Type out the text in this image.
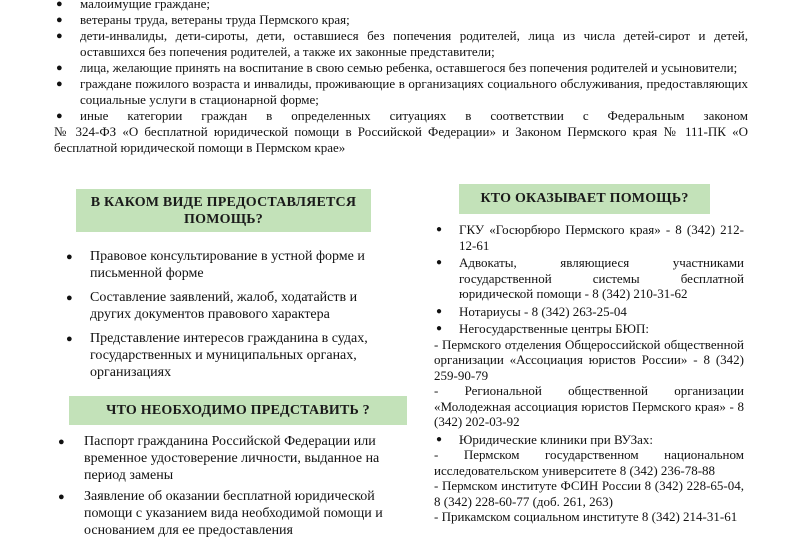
● малоимущие граждане;
● ветераны труда, ветераны труда Пермского края;
● дети-инвалиды, дети-сироты, дети, оставшиеся без попечения родителей, лица из числа детей-сирот и детей, оставшихся без попечения родителей, а также их законные представители;
● лица, желающие принять на воспитание в свою семью ребенка, оставшегося без попечения родителей и усыновители;
● граждане пожилого возраста и инвалиды, проживающие в организациях социального обслуживания, предоставляющих социальные услуги в стационарной форме;
● иные категории граждан в определенных ситуациях в соответствии с Федеральным законом
№ 324-ФЗ «О бесплатной юридической помощи в Российской Федерации» и Законом Пермского края № 111-ПК «О бесплатной юридической помощи в Пермском крае»
В КАКОМ ВИДЕ ПРЕДОСТАВЛЯЕТСЯ ПОМОЩЬ?
● Правовое консультирование в устной форме и письменной форме
● Составление заявлений, жалоб, ходатайств и других документов правового характера
● Представление интересов гражданина в судах, государственных и муниципальных органах, организациях
ЧТО НЕОБХОДИМО ПРЕДСТАВИТЬ ?
● Паспорт гражданина Российской Федерации или временное удостоверение личности, выданное на период замены
● Заявление об оказании бесплатной юридической помощи с указанием вида необходимой помощи и основанием для ее предоставления
КТО ОКАЗЫВАЕТ ПОМОЩЬ?
● ГКУ «Госюрбюро Пермского края» - 8 (342) 212-12-61
● Адвокаты, являющиеся участниками государственной системы бесплатной юридической помощи - 8 (342) 210-31-62
● Нотариусы - 8 (342) 263-25-04
● Негосударственные центры БЮП:
- Пермского отделения Общероссийской общественной организации «Ассоциация юристов России» - 8 (342) 259-90-79
- Региональной общественной организации «Молодежная ассоциация юристов Пермского края» - 8 (342) 202-03-92
● Юридические клиники при ВУЗах:
- Пермском государственном национальном исследовательском университете 8 (342) 236-78-88
- Пермском институте ФСИН России 8 (342) 228-65-04, 8 (342) 228-60-77 (доб. 261, 263)
- Прикамском социальном институте 8 (342) 214-31-61
